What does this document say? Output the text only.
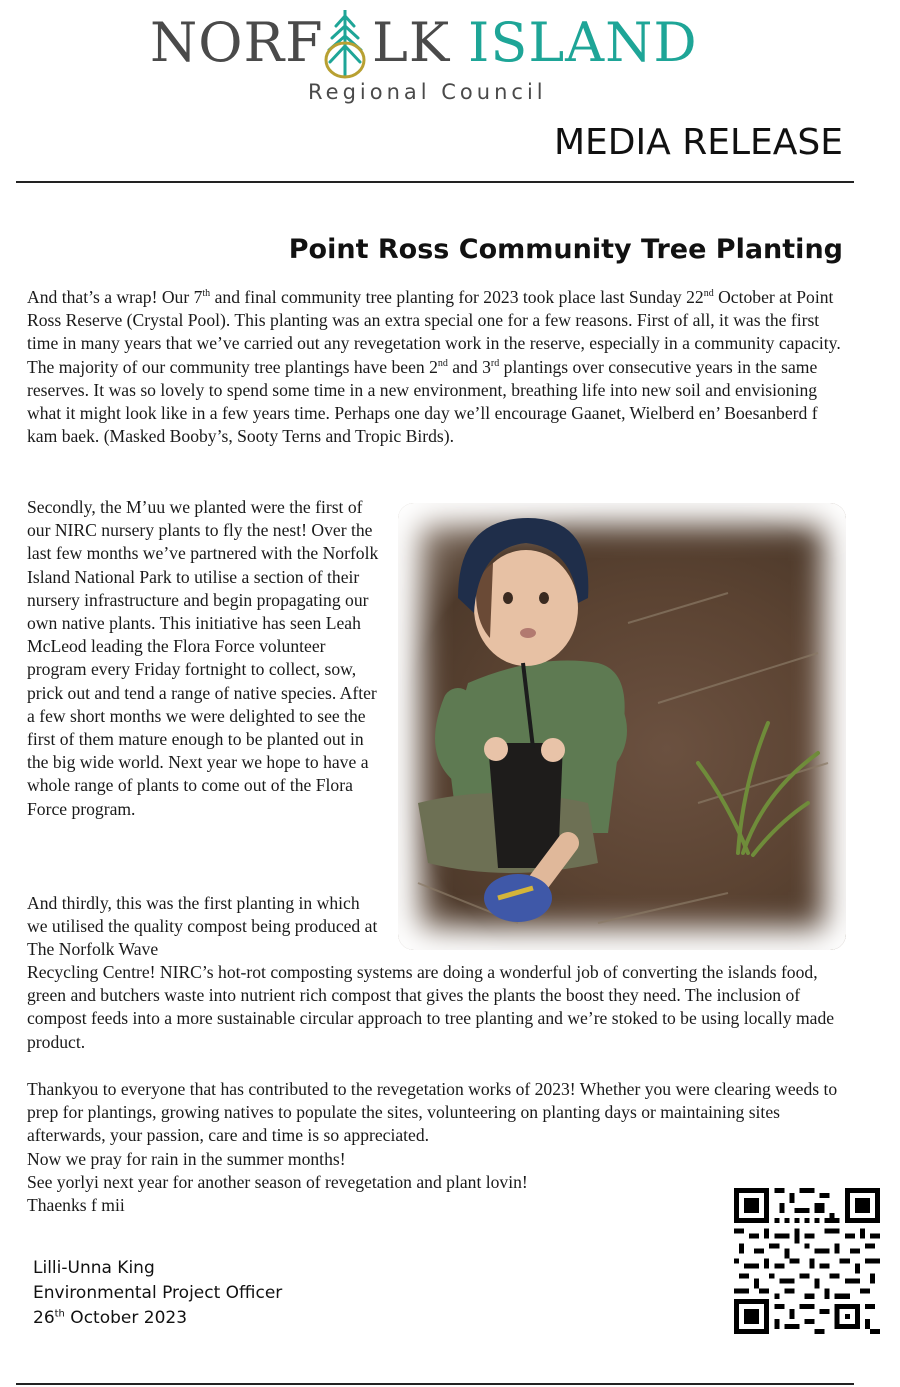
NORF LK ISLAND
Regional Council
MEDIA RELEASE
Point Ross Community Tree Planting

And that’s a wrap! Our 7th and final community tree planting for 2023 took place last Sunday 22nd October at Point Ross Reserve (Crystal Pool). This planting was an extra special one for a few reasons. First of all, it was the first time in many years that we’ve carried out any revegetation work in the reserve, especially in a community capacity. The majority of our community tree plantings have been 2nd and 3rd plantings over consecutive years in the same reserves. It was so lovely to spend some time in a new environment, breathing life into new soil and envisioning what it might look like in a few years time. Perhaps one day we’ll encourage Gaanet, Wielberd en’ Boesanberd f kam baek. (Masked Booby’s, Sooty Terns and Tropic Birds).

Secondly, the M’uu we planted were the first of our NIRC nursery plants to fly the nest! Over the last few months we’ve partnered with the Norfolk Island National Park to utilise a section of their nursery infrastructure and begin propagating our own native plants. This initiative has seen Leah McLeod leading the Flora Force volunteer program every Friday fortnight to collect, sow, prick out and tend a range of native species. After a few short months we were delighted to see the first of them mature enough to be planted out in the big wide world. Next year we hope to have a whole range of plants to come out of the Flora Force program.

And thirdly, this was the first planting in which we utilised the quality compost being produced at The Norfolk Wave

Recycling Centre! NIRC’s hot-rot composting systems are doing a wonderful job of converting the islands food, green and butchers waste into nutrient rich compost that gives the plants the boost they need. The inclusion of compost feeds into a more sustainable circular approach to tree planting and we’re stoked to be using locally made product.

Thankyou to everyone that has contributed to the revegetation works of 2023! Whether you were clearing weeds to prep for plantings, growing natives to populate the sites, volunteering on planting days or maintaining sites afterwards, your passion, care and time is so appreciated.
Now we pray for rain in the summer months!
See yorlyi next year for another season of revegetation and plant lovin!
Thaenks f mii
Lilli-Unna King
Environmental Project Officer
26th October 2023
